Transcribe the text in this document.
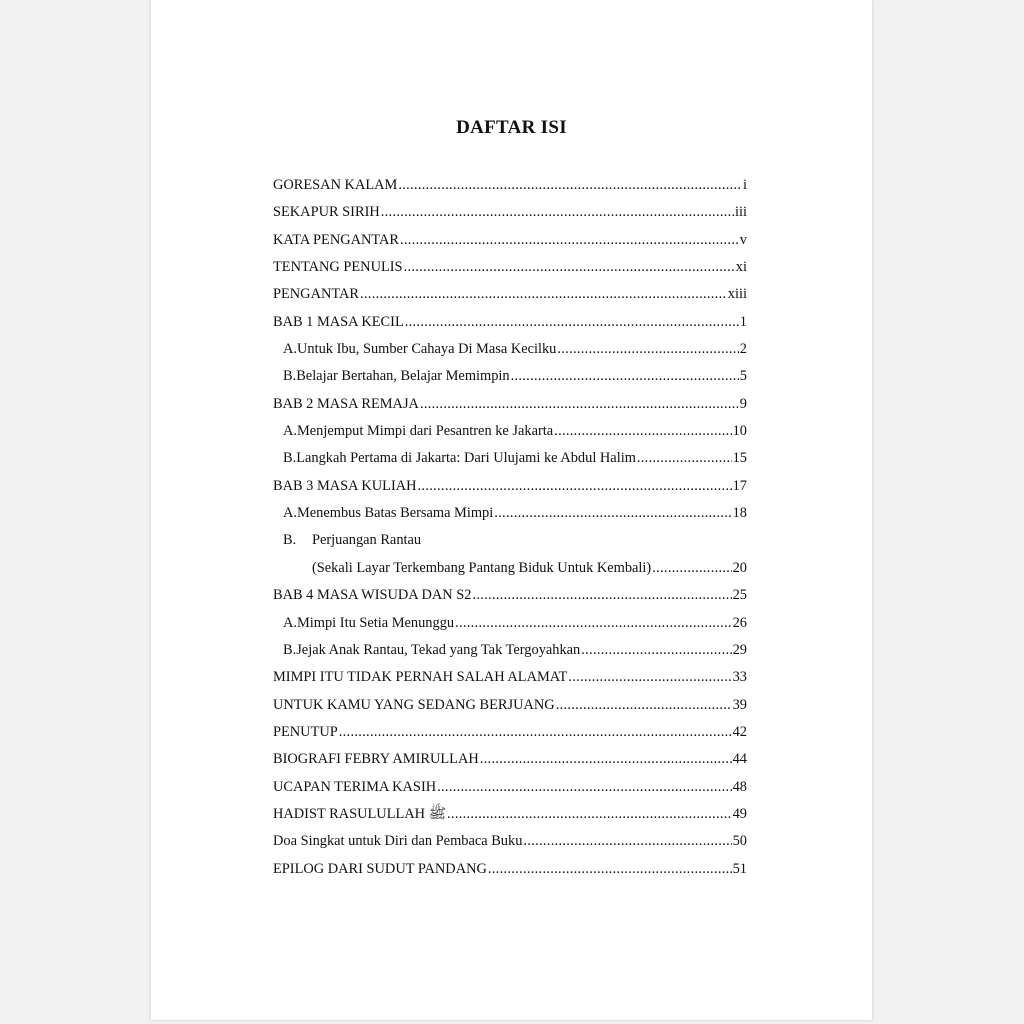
DAFTAR ISI
GORESAN KALAM .....	i
SEKAPUR SIRIH .....	iii
KATA PENGANTAR .....	v
TENTANG PENULIS .....	xi
PENGANTAR .....	xiii
BAB 1 MASA KECIL .....	1
A. Untuk Ibu, Sumber Cahaya Di Masa Kecilku .....	2
B. Belajar Bertahan, Belajar Memimpin .....	5
BAB 2 MASA REMAJA .....	9
A. Menjemput Mimpi dari Pesantren ke Jakarta .....	10
B. Langkah Pertama di Jakarta: Dari Ulujami ke Abdul Halim .....	15
BAB 3 MASA KULIAH .....	17
A. Menembus Batas Bersama Mimpi .....	18
B.	Perjuangan Rantau
(Sekali Layar Terkembang Pantang Biduk Untuk Kembali) .....	20
BAB 4 MASA WISUDA DAN S2 .....	25
A. Mimpi Itu Setia Menunggu .....	26
B. Jejak Anak Rantau, Tekad yang Tak Tergoyahkan .....	29
MIMPI ITU TIDAK PERNAH SALAH ALAMAT .....	33
UNTUK KAMU YANG SEDANG BERJUANG .....	39
PENUTUP .....	42
BIOGRAFI FEBRY AMIRULLAH .....	44
UCAPAN TERIMA KASIH .....	48
HADIST RASULULLAH ﷺ .....	49
Doa Singkat untuk Diri dan Pembaca Buku .....	50
EPILOG DARI SUDUT PANDANG .....	51
